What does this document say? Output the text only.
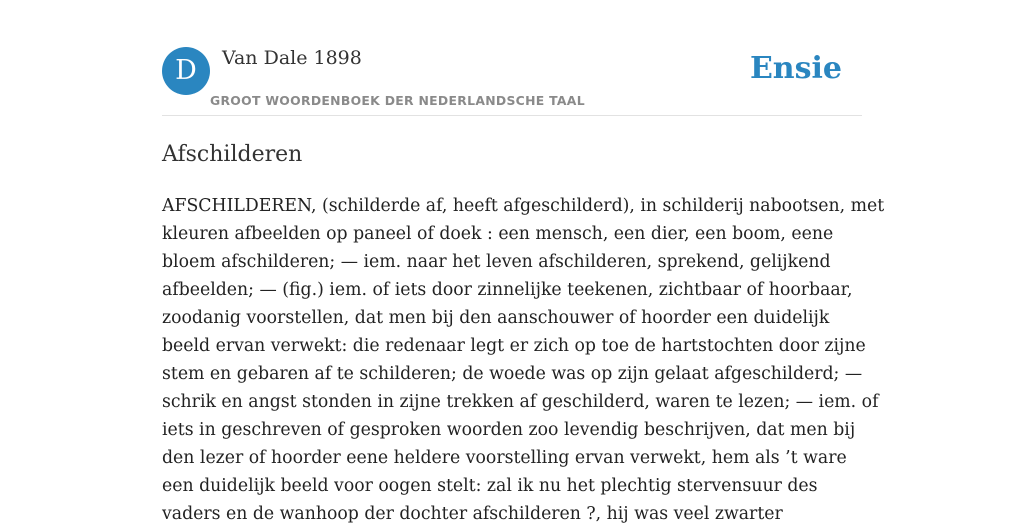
D	Van Dale 1898
GROOT WOORDENBOEK DER NEDERLANDSCHE TAAL
Ensie
Afschilderen
AFSCHILDEREN, (schilderde af, heeft afgeschilderd), in schilderij nabootsen, met
kleuren afbeelden op paneel of doek : een mensch, een dier, een boom, eene
bloem afschilderen; — iem. naar het leven afschilderen, sprekend, gelijkend
afbeelden; — (fig.) iem. of iets door zinnelijke teekenen, zichtbaar of hoorbaar,
zoodanig voorstellen, dat men bij den aanschouwer of hoorder een duidelijk
beeld ervan verwekt: die redenaar legt er zich op toe de hartstochten door zijne
stem en gebaren af te schilderen; de woede was op zijn gelaat afgeschilderd; —
schrik en angst stonden in zijne trekken af geschilderd, waren te lezen; — iem. of
iets in geschreven of gesproken woorden zoo levendig beschrijven, dat men bij
den lezer of hoorder eene heldere voorstelling ervan verwekt, hem als ’t ware
een duidelijk beeld voor oogen stelt: zal ik nu het plechtig stervensuur des
vaders en de wanhoop der dochter afschilderen ?, hij was veel zwarter
